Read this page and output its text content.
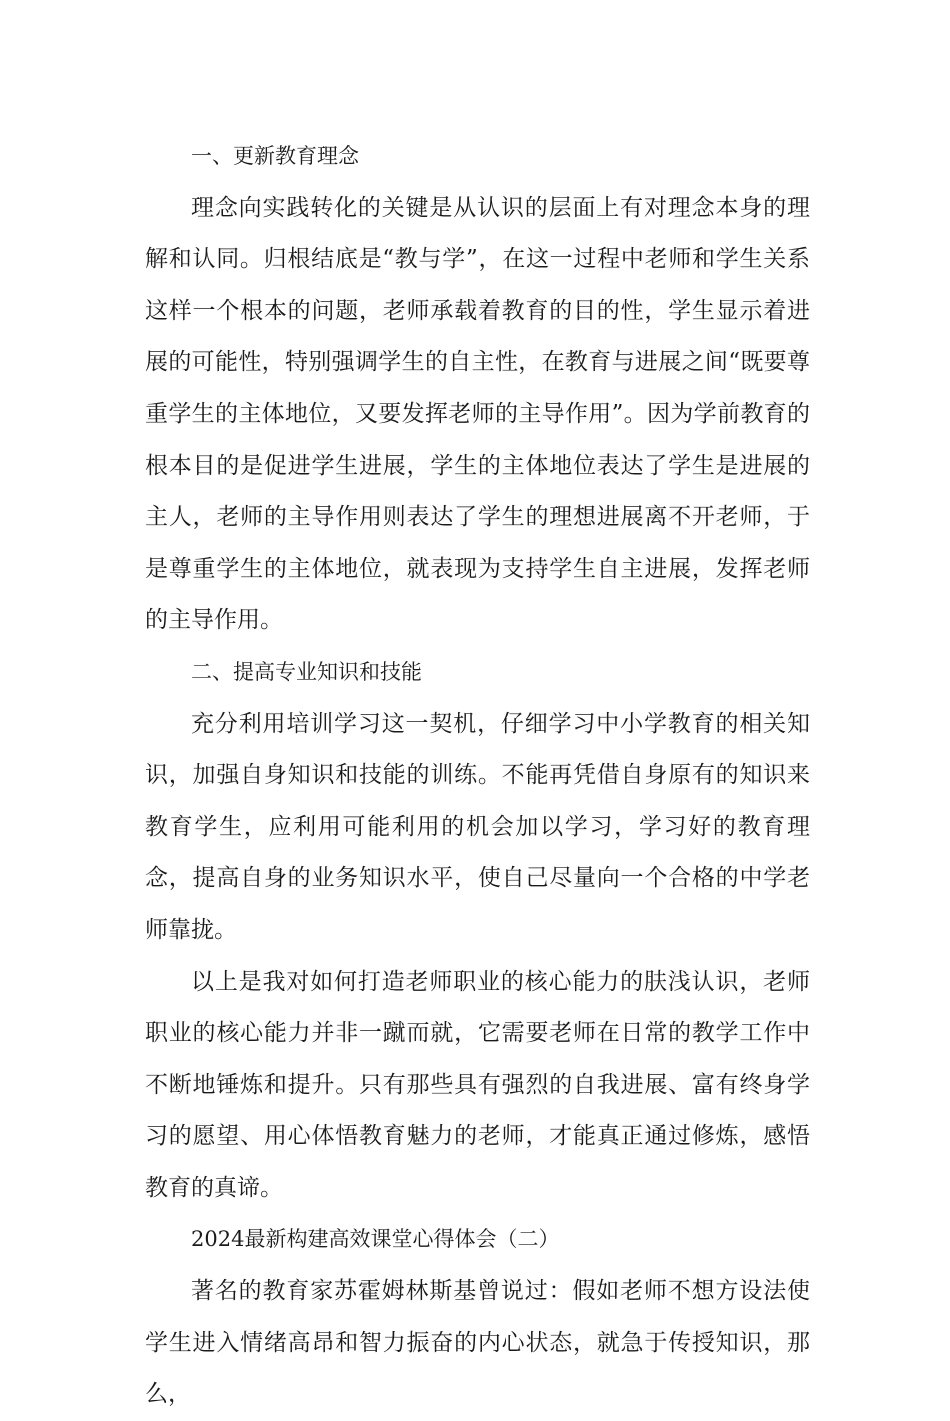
一、更新教育理念

理念向实践转化的关键是从认识的层面上有对理念本身的理解和认同。归根结底是“教与学”，在这一过程中老师和学生关系这样一个根本的问题，老师承载着教育的目的性，学生显示着进展的可能性，特别强调学生的自主性，在教育与进展之间“既要尊重学生的主体地位，又要发挥老师的主导作用”。因为学前教育的根本目的是促进学生进展，学生的主体地位表达了学生是进展的主人，老师的主导作用则表达了学生的理想进展离不开老师，于是尊重学生的主体地位，就表现为支持学生自主进展，发挥老师的主导作用。

二、提高专业知识和技能

充分利用培训学习这一契机，仔细学习中小学教育的相关知识，加强自身知识和技能的训练。不能再凭借自身原有的知识来教育学生，应利用可能利用的机会加以学习，学习好的教育理念，提高自身的业务知识水平，使自己尽量向一个合格的中学老师靠拢。

以上是我对如何打造老师职业的核心能力的肤浅认识，老师职业的核心能力并非一蹴而就，它需要老师在日常的教学工作中不断地锤炼和提升。只有那些具有强烈的自我进展、富有终身学习的愿望、用心体悟教育魅力的老师，才能真正通过修炼，感悟教育的真谛。

2024最新构建高效课堂心得体会（二）

著名的教育家苏霍姆林斯基曾说过：假如老师不想方设法使学生进入情绪高昂和智力振奋的内心状态，就急于传授知识，那么，
